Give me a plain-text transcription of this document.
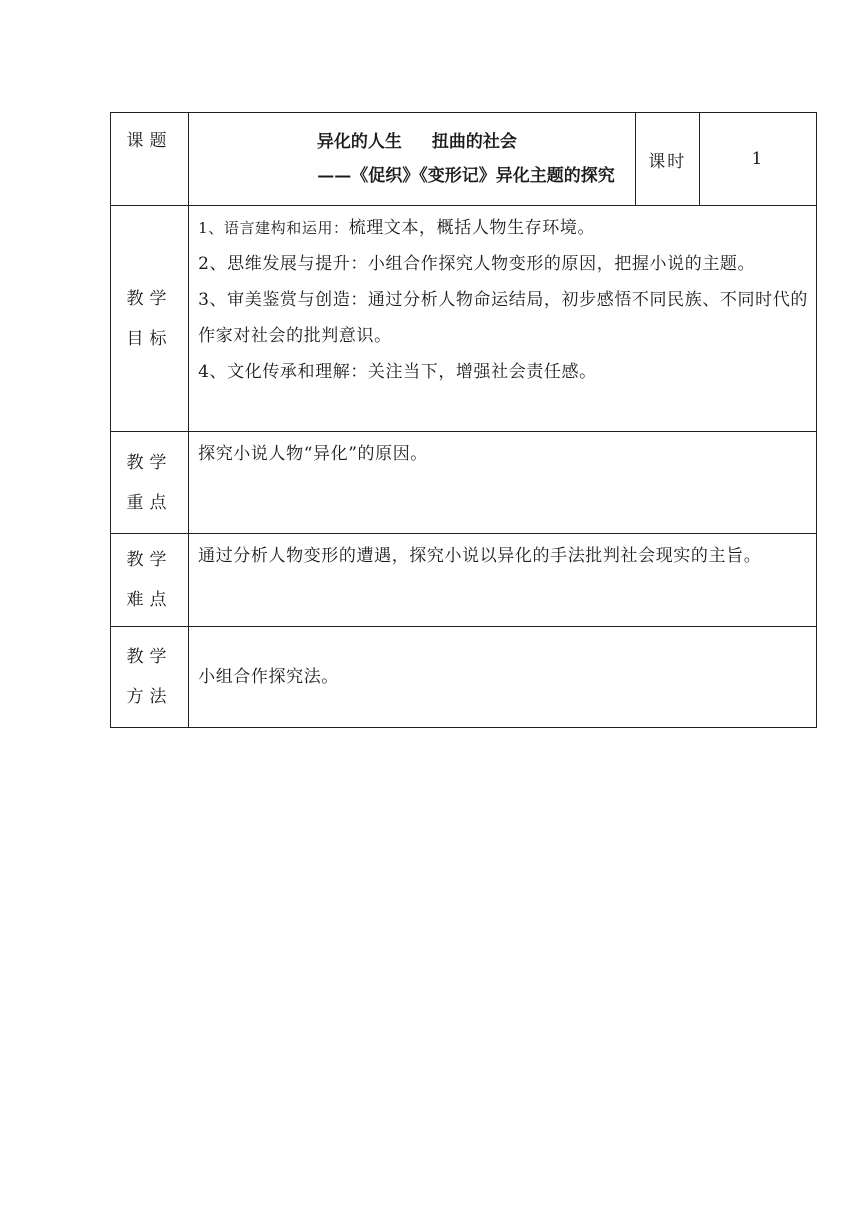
课题	异化的人生 扭曲的社会
——《促织》《变形记》异化主题的探究	课时	1
教学
目标	1、语言建构和运用：梳理文本，概括人物生存环境。
2、思维发展与提升：小组合作探究人物变形的原因，把握小说的主题。
3、审美鉴赏与创造：通过分析人物命运结局，初步感悟不同民族、不同时代的作家对社会的批判意识。
4、文化传承和理解：关注当下，增强社会责任感。		

教学
重点	探究小说人物“异化”的原因。		
教学
难点	通过分析人物变形的遭遇，探究小说以异化的手法批判社会现实的主旨。		
教学
方法	小组合作探究法。		
